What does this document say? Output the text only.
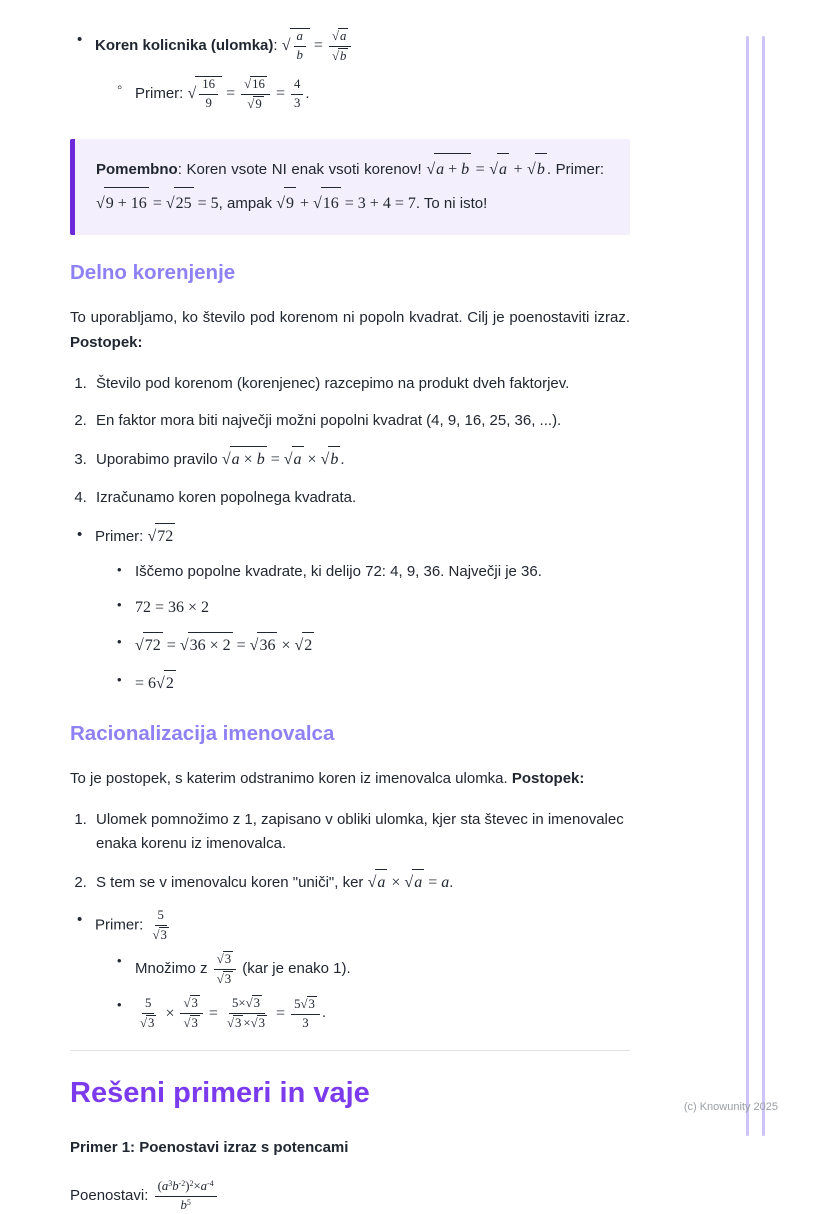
• Koren kolicnika (ulomka): √ $\frac{a}{b} = \frac{√a}{√b}$
◦ Primer: √ $\frac{16}{9} = \frac{√16}{√9} = \frac{4}{3}$ .

Pomembno: Koren vsote NI enak vsoti korenov! √a + b = √a + √b . Primer: √9 + 16 = √25 = 5, ampak √9 + √16 = 3 + 4 = 7. To ni isto!

Delno korenjenje

To uporabljamo, ko število pod korenom ni popoln kvadrat. Cilj je poenostaviti izraz. Postopek:

1. Število pod korenom (korenjenec) razcepimo na produkt dveh faktorjev.
2. En faktor mora biti največji možni popolni kvadrat (4, 9, 16, 25, 36, ...).
3. Uporabimo pravilo √a × b = √a × √b .
4. Izračunamo koren popolnega kvadrata.
• Primer: √72
• Iščemo popolne kvadrate, ki delijo 72: 4, 9, 36. Največji je 36.
• 72 = 36 × 2
• √72 = √36 × 2 = √36 × √2
• = 6√2
Racionalizacija imenovalca

To je postopek, s katerim odstranimo koren iz imenovalca ulomka. Postopek:

1. Ulomek pomnožimo z 1, zapisano v obliki ulomka, kjer sta števec in imenovalec enaka korenu iz imenovalca.
2. S tem se v imenovalcu koren "uniči", ker √a × √a = a.
• Primer: $\frac{5}{√3}$
• Množimo z $\frac{√3}{√3} (kar$ je enako 1).
• $\frac{5}{√3} \times \frac{√3}{√3} = \frac{5\times√3}{√3 \times√3} = \frac{5√3}{3}$ .
Rešeni primeri in vaje

Primer 1: Poenostavi izraz s potencami

Poenostavi: $\frac{(a3b-2)2\times a-4}{b5}$

(c) Knowunity 2025
